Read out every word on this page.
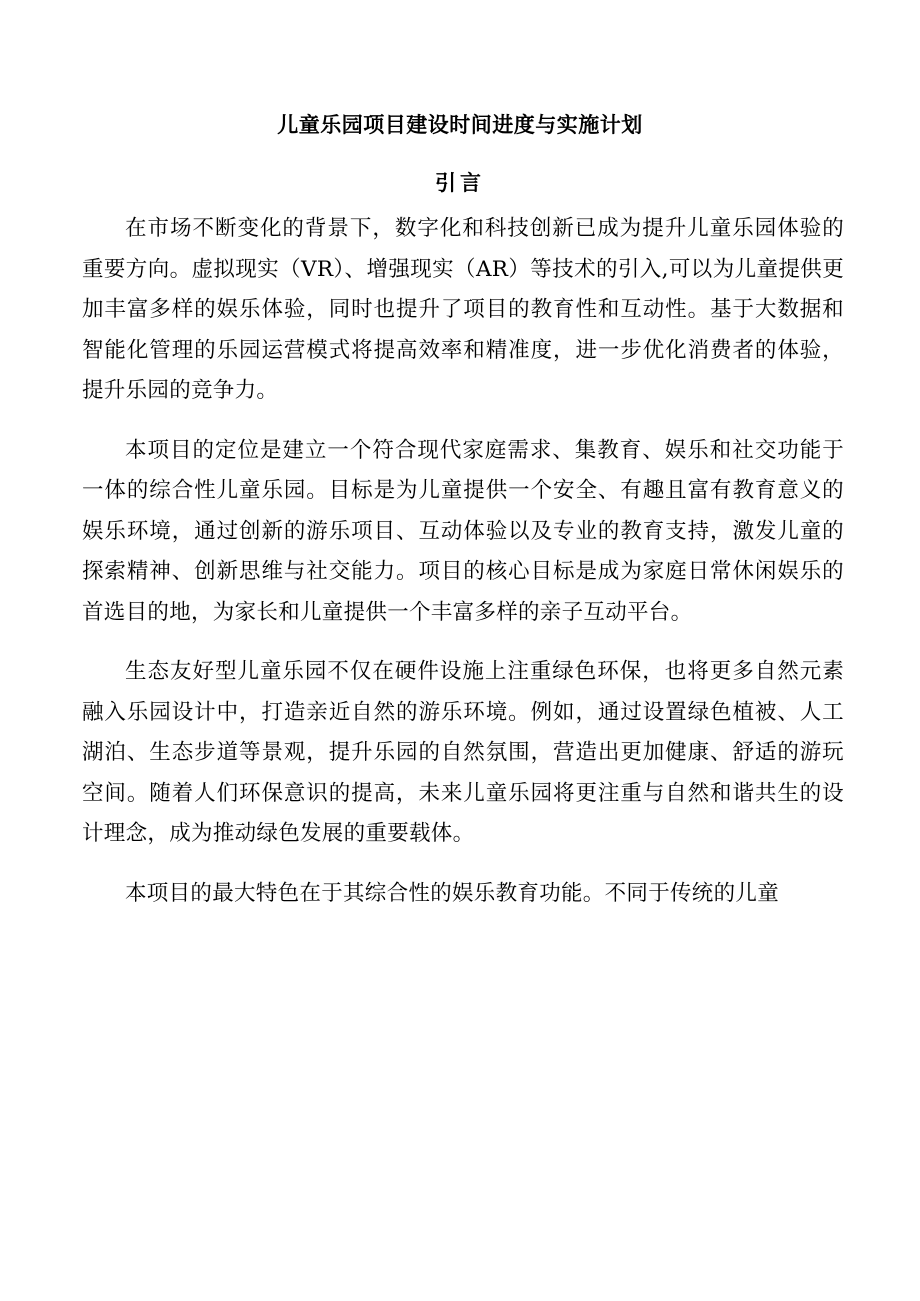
儿童乐园项目建设时间进度与实施计划
引言

在市场不断变化的背景下，数字化和科技创新已成为提升儿童乐园体验的重要方向。虚拟现实（VR）、增强现实（AR）等技术的引入,可以为儿童提供更加丰富多样的娱乐体验，同时也提升了项目的教育性和互动性。基于大数据和智能化管理的乐园运营模式将提高效率和精准度，进一步优化消费者的体验，提升乐园的竞争力。

本项目的定位是建立一个符合现代家庭需求、集教育、娱乐和社交功能于一体的综合性儿童乐园。目标是为儿童提供一个安全、有趣且富有教育意义的娱乐环境，通过创新的游乐项目、互动体验以及专业的教育支持，激发儿童的探索精神、创新思维与社交能力。项目的核心目标是成为家庭日常休闲娱乐的首选目的地，为家长和儿童提供一个丰富多样的亲子互动平台。

生态友好型儿童乐园不仅在硬件设施上注重绿色环保，也将更多自然元素融入乐园设计中，打造亲近自然的游乐环境。例如，通过设置绿色植被、人工湖泊、生态步道等景观，提升乐园的自然氛围，营造出更加健康、舒适的游玩空间。随着人们环保意识的提高，未来儿童乐园将更注重与自然和谐共生的设计理念，成为推动绿色发展的重要载体。

本项目的最大特色在于其综合性的娱乐教育功能。不同于传统的儿童
